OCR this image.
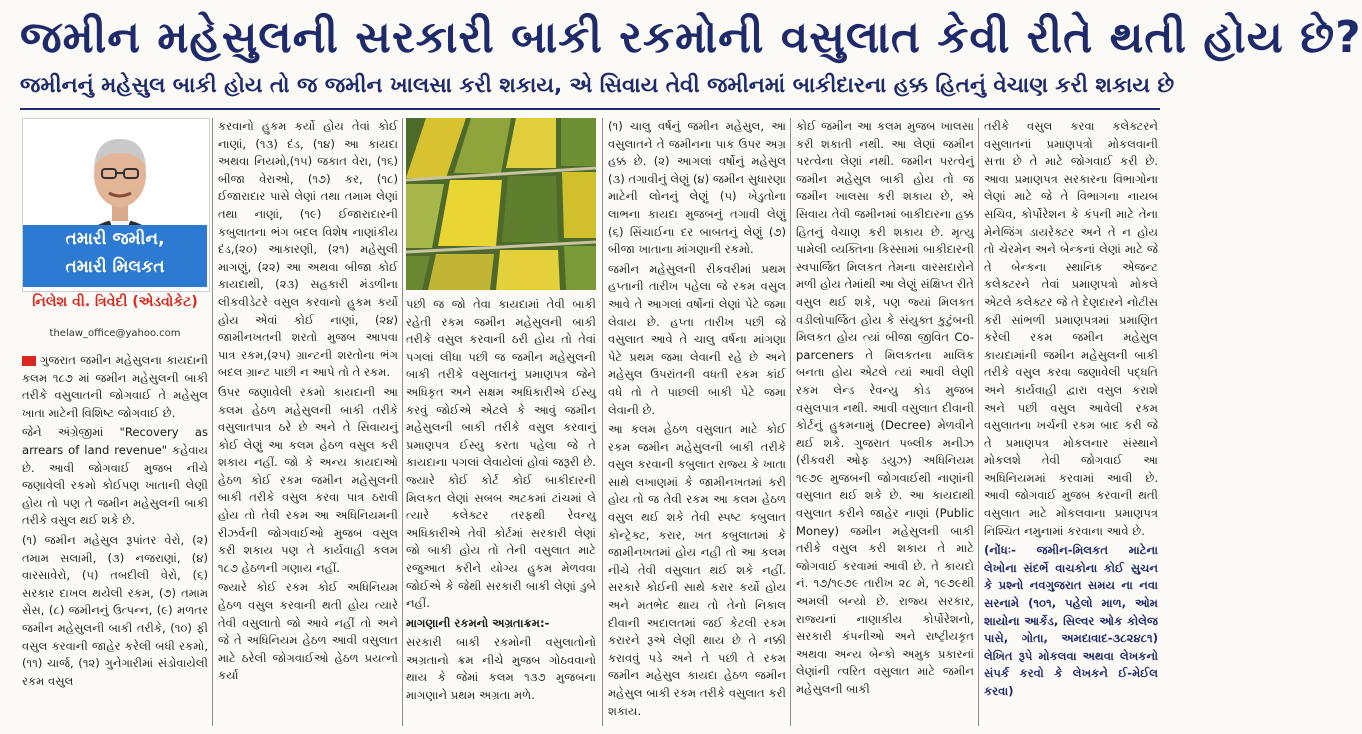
જમીન મહેસુલની સરકારી બાકી રકમોની વસુલાત કેવી રીતે થતી હોય છે?
જમીનનું મહેસુલ બાકી હોય તો જ જમીન ખાલસા કરી શકાય, એ સિવાય તેવી જમીનમાં બાકીદારના હક્ક હિતનું વેચાણ કરી શકાય છે
તમારી જમીન,
તમારી મિલકત
નિલેશ વી. ત્રિવેદી (એડવોકેટ)
thelaw_office@yahoo.com

ગુજરાત જમીન મહેસુલના કાયદાની કલમ ૧૮૭ માં જમીન મહેસુલની બાકી તરીકે વસુલાતની જોગવાઈ તે મહેસુલ ખાતા માટેની વિશિષ્ટ જોગવાઈ છે.

જેને અંગ્રેજીમાં "Recovery as arrears of land revenue" કહેવાય છે. આવી જોગવાઈ મુજબ નીચે જણાવેલી રકમો કોઈપણ ખાતાની લેણી હોય તો પણ તે જમીન મહેસુલની બાકી તરીકે વસુલ થઈ શકે છે.

(૧) જમીન મહેસુલ રૂપાંતર વેરો, (૨) તમામ સલામી, (૩) નજરાણાં, (૪) વારસાવેરો, (૫) તબદીલી વેરો, (૬) સરકાર દાખલ થયેલી રકમ, (૭) તમામ સેસ, (૮) જમીનનું ઉત્પન્ન, (૯) મળતર જમીન મહેસુલની બાકી તરીકે, (૧૦) ફી વસુલ કરવાની જાહેર કરેલી બધી રકમો, (૧૧) ચાર્જ, (૧૨) ગુનેગારીમાં સંડોવાયેલી રકમ વસુલ

કરવાનો હુકમ કર્યો હોય તેવાં કોઈ નાણાં, (૧૩) દંડ, (૧૪) આ કાયદા અથવા નિયમો,(૧૫) જકાત વેરા, (૧૬) બીજા વેરાઓ, (૧૭) કર, (૧૮) ઈજારાદાર પાસે લેણાં તથા તમામ લેણાં તથા નાણાં, (૧૯) ઈજારાદારની કબુલાતના ભંગ બદલ વિશેષ નાણાંકીય દંડ,(૨૦) આકારણી, (૨૧) મહેસુલી માગણું, (૨૨) આ અથવા બીજા કોઈ કાયદાથી, (૨૩) સહકારી મંડળીના લીકવીડેટરે વસુલ કરવાનો હુકમ કર્યો હોય એવાં કોઈ નાણાં, (૨૪) જામીનખતની શરતો મુજબ આપવા પાત્ર રકમ,(૨૫) ગ્રાન્ટની શરતોના ભંગ બદલ ગ્રાન્ટ પાછી ન આપે તો તે રકમ.

ઉપર જણાવેલી રકમો કાયદાની આ કલમ હેઠળ મહેસુલની બાકી તરીકે વસુલાતપાત્ર ઠરે છે અને તે સિવાયનું કોઈ લેણું આ કલમ હેઠળ વસુલ કરી શકાય નહીં. જો કે અન્ય કાયદાઓ હેઠળ કોઈ રકમ જમીન મહેસુલની બાકી તરીકે વસુલ કરવા પાત્ર ઠરાવી હોય તો તેવી રકમ આ અધિનિયમની રીઝર્વની જોગવાઈઓ મુજબ વસુલ કરી શકાય પણ તે કાર્યવાહી કલમ ૧૮૭ હેઠળની ગણાય નહીં.

જ્યારે કોઈ રકમ કોઈ અધિનિયમ હેઠળ વસુલ કરવાની થતી હોય ત્યારે તેવી વસુલાતો જો આવે નહીં તો અને જે તે અધિનિયમ હેઠળ આવી વસુલાત માટે ઠરેલી જોગવાઈઓ હેઠળ પ્રયત્નો કર્યા

પછી જ જો તેવા કાયદામાં તેવી બાકી રહેતી રકમ જમીન મહેસુલની બાકી તરીકે વસુલ કરવાની ઠરી હોય તો તેવાં પગલાં લીધા પછી જ જમીન મહેસુલની બાકી તરીકે વસુલાતનું પ્રમાણપત્ર જેને અધિકૃત અને સક્ષમ અધિકારીએ ઈસ્યુ કરવું જોઈએ એટલે કે આવું જમીન મહેસુલની બાકી તરીકે વસુલ કરવાનું પ્રમાણપત્ર ઈસ્યુ કરતા પહેલા જે તે કાયદાના પગલાં લેવાયેલાં હોવાં જરૂરી છે. જ્યારે કોઈ કોર્ટ કોઈ બાકીદારની મિલકત લેણાં સબબ અટકમાં ટાંચમાં લે ત્યારે કલેક્ટર તરફથી રેવન્યુ અધિકારીએ તેવી કોર્ટમાં સરકારી લેણાં જો બાકી હોય તો તેની વસુલાત માટે રજુઆત કરીને યોગ્ય હુકમ મેળવવા જોઈએ કે જેથી સરકારી બાકી લેણાં ડુબે નહીં.

માગણાની રકમનો અગ્રતાક્રમ:-

સરકારી બાકી રકમોની વસુલાતોનો અગ્રતાનો ક્રમ નીચે મુજબ ગોઠવવાનો થાય કે જેમાં કલમ ૧૩૭ મુજબના માગણાને પ્રથમ અગ્રતા મળે.

(૧) ચાલુ વર્ષનું જમીન મહેસુલ, આ વસુલાતને તે જમીનના પાક ઉપર અગ્ર હક્ક છે. (૨) આગલાં વર્ષોનું મહેસુલ (૩) તગાવીનું લેણું (૪) જમીન સુધારણા માટેની લોનનું લેણું (૫) ખેડુતોના લાભના કાયદા મુજબનું તગાવી લેણું (૬) સિંચાઈના દર બાબતનું લેણું (૭) બીજા ખાતાના માંગણાની રકમો.

જમીન મહેસુલની રીકવરીમાં પ્રથમ હપ્તાની તારીખ પહેલા જે રકમ વસુલ આવે તે આગલાં વર્ષોનાં લેણાં પેટે જમા લેવાય છે. હપ્તા તારીખ પછી જે વસુલાત આવે તે ચાલુ વર્ષના માંગણા પેટે પ્રથમ જમા લેવાની રહે છે અને મહેસુલ ઉપરાંતની વધતી રકમ કાંઈ વધે તો તે પાછલી બાકી પેટે જમા લેવાની છે.

આ કલમ હેઠળ વસુલાત માટે કોઈ રકમ જમીન મહેસુલની બાકી તરીકે વસુલ કરવાની કબુલાત રાજ્ય કે ખાતા સાથે લખાણમાં કે જામીનખતમાં કરી હોય તો જ તેવી રકમ આ કલમ હેઠળ વસુલ થઈ શકે તેવી સ્પષ્ટ કબુલાત કોન્ટ્રેક્ટ, કરાર, ખત કબુલાતમાં કે જામીનખતમાં હોય નહી તો આ કલમ નીચે તેવી વસુલાત થઈ શકે નહીં. સરકારે કોઈની સાથે કરાર કર્યો હોય અને મતભેદ થાય તો તેનો નિકાલ દીવાની અદાલતમાં જઈ કેટલી રકમ કરારને રૂએ લેણી થાય છે તે નક્કી કરાવવું પડે અને તે પછી તે રકમ જમીન મહેસુલ કાયદા હેઠળ જમીન મહેસુલ બાકી રકમ તરીકે વસુલાત કરી શકાય.

કોઈ જમીન આ કલમ મુજબ ખાલસા કરી શકાતી નથી. આ લેણાં જમીન પરત્વેના લેણાં નથી. જમીન પરત્વેનું જમીન મહેસુલ બાકી હોય તો જ જમીન ખાલસા કરી શકાય છે, એ સિવાય તેવી જમીનમાં બાકીદારના હક્ક હિતનું વેચાણ કરી શકાય છે. મૃત્યુ પામેલી વ્યક્તિના કિસ્સામાં બાકીદારની સ્વપાર્જિત મિલકત તેમના વારસદારોને મળી હોય તેમાંથી આ લેણું સંક્ષિપ્ત રીતે વસુલ થઈ શકે, પણ જ્યાં મિલકત વડીલોપાર્જિત હોય કે સંયુક્ત કુટુંબની મિલકત હોય ત્યાં બીજા જીવિત Co-parceners તે મિલકતના માલિક બનતા હોય એટલે ત્યાં આવી લેણી રકમ લેન્ડ રેવન્યુ કોડ મુજબ વસુલપાત્ર નથી. આવી વસુલાત દીવાની કોર્ટનું હુકમનામું (Decree) મેળવીને થઈ શકે. ગુજરાત પબ્લીક મનીઝ (રીકવરી ઓફ ડયુઝ) અધિનિયમ ૧૯૭૯ મુજબની જોગવાઈથી નાણાંની વસુલાત થઈ શકે છે. આ કાયદાથી વસુલાત કરીને જાહેર નાણાં (Public Money) જમીન મહેસુલની બાકી તરીકે વસુલ કરી શકાય તે માટે જોગવાઈ કરવામાં આવી છે. તે કાયદો નં. ૧૭/૧૯૭૯ તારીખ ૨૮ મે, ૧૯૭૯થી અમલી બન્યો છે. રાજ્ય સરકાર, રાજ્યનાં નાણાકીય કોર્પોરેશનો, સરકારી કંપનીઓ અને રાષ્ટ્રીયકૃત અથવા અન્ય બેન્કો અમુક પ્રકારનાં લેણાંની ત્વરિત વસુલાત માટે જમીન મહેસુલની બાકી

તરીકે વસુલ કરવા કલેક્ટરને વસુલાતનાં પ્રમાણપત્રો મોકલવાની સત્તા છે તે માટે જોગવાઈ કરી છે. આવા પ્રમાણપત્ર સરકારના વિભાગોના લેણાં માટે જે તે વિભાગના નાયબ સચિવ, કોર્પોરેશન કે કંપની માટે તેના મેનેજિંગ ડાયરેક્ટર અને તે ન હોય તો ચેરમેન અને બેન્કનાં લેણાં માટે જે તે બેન્કના સ્થાનિક એજન્ટ કલેક્ટરને તેવાં પ્રમાણપત્રો મોકલે એટલે કલેક્ટર જે તે દેણદારને નોટીસ કરી સાંભળી પ્રમાણપત્રમાં પ્રમાણિત કરેલી રકમ જમીન મહેસુલ કાયદામાંની જમીન મહેસુલની બાકી તરીકે વસુલ કરવા જણાવેલી પદ્ધતિ અને કાર્યવાહી દ્વારા વસુલ કરાશે અને પછી વસુલ આવેલી રકમ વસુલાતના ખર્ચની રકમ બાદ કરી જે તે પ્રમાણપત્ર મોકલનાર સંસ્થાને મોકલશે તેવી જોગવાઈ આ અધિનિયમમાં કરવામાં આવી છે. આવી જોગવાઈ મુજબ કરવાની થતી વસુલાત માટે મોકલવાના પ્રમાણપત્ર નિશ્ચિત નમુનામાં કરવાના આવે છે.

(નોંધઃ- જમીન-મિલકત માટેના લેખોના સંદર્ભે વાચકોના કોઈ સુચન કે પ્રશ્નો નવગુજરાત સમય ના નવા સરનામે (૧૦૧, પહેલો માળ, ઓમ શાયોના આર્કેડ, સિલ્વર ઓક કોલેજ પાસે, ગોતા, અમદાવાદ-૩૮૨૪૮૧) લેખિત રૂપે મોકલવા અથવા લેખકનો સંપર્ક કરવો કે લેખકને ઈ-મેઈલ કરવા)
